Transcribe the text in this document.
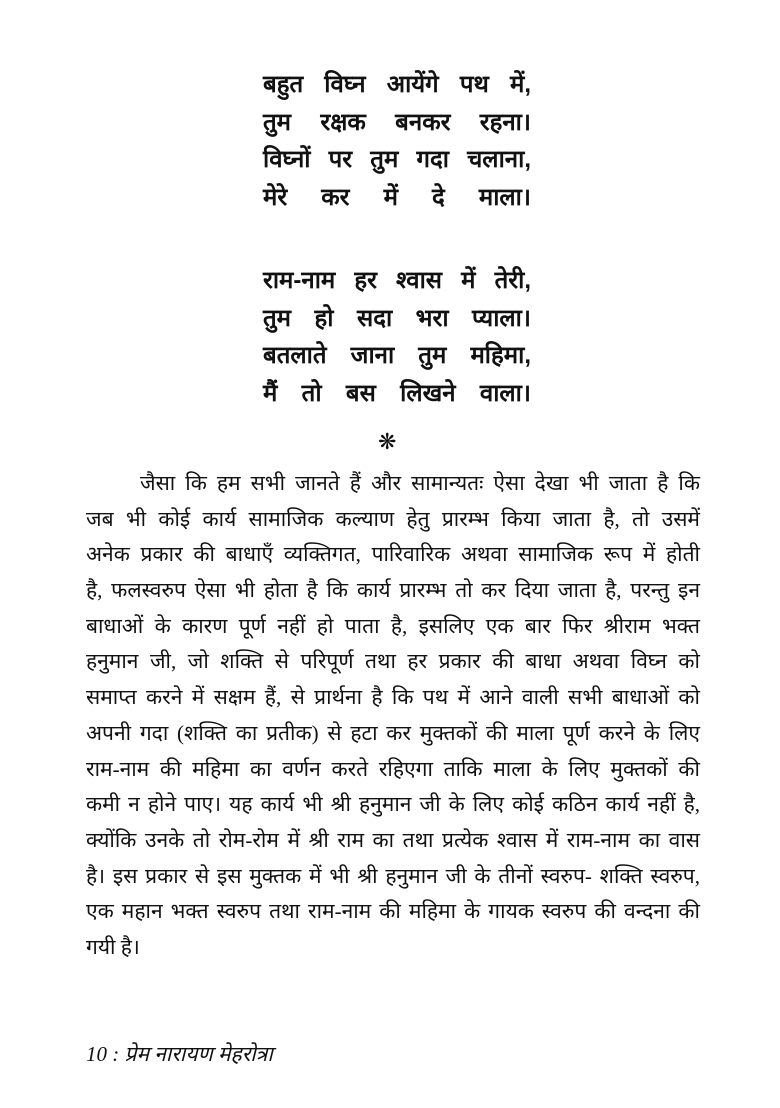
बहुत विघ्न आयेंगे पथ में,
तुम रक्षक बनकर रहना।
विघ्नों पर तुम गदा चलाना,
मेरे कर में दे माला।
राम-नाम हर श्वास में तेरी,
तुम हो सदा भरा प्याला।
बतलाते जाना तुम महिमा,
मैं तो बस लिखने वाला।
❋
जैसा कि हम सभी जानते हैं और सामान्यतः ऐसा देखा भी जाता है कि
जब भी कोई कार्य सामाजिक कल्याण हेतु प्रारम्भ किया जाता है, तो उसमें
अनेक प्रकार की बाधाएँ व्यक्तिगत, पारिवारिक अथवा सामाजिक रूप में होती
है, फलस्वरुप ऐसा भी होता है कि कार्य प्रारम्भ तो कर दिया जाता है, परन्तु इन
बाधाओं के कारण पूर्ण नहीं हो पाता है, इसलिए एक बार फिर श्रीराम भक्त
हनुमान जी, जो शक्ति से परिपूर्ण तथा हर प्रकार की बाधा अथवा विघ्न को
समाप्त करने में सक्षम हैं, से प्रार्थना है कि पथ में आने वाली सभी बाधाओं को
अपनी गदा (शक्ति का प्रतीक) से हटा कर मुक्तकों की माला पूर्ण करने के लिए
राम-नाम की महिमा का वर्णन करते रहिएगा ताकि माला के लिए मुक्तकों की
कमी न होने पाए। यह कार्य भी श्री हनुमान जी के लिए कोई कठिन कार्य नहीं है,
क्योंकि उनके तो रोम-रोम में श्री राम का तथा प्रत्येक श्वास में राम-नाम का वास
है। इस प्रकार से इस मुक्तक में भी श्री हनुमान जी के तीनों स्वरुप- शक्ति स्वरुप,
एक महान भक्त स्वरुप तथा राम-नाम की महिमा के गायक स्वरुप की वन्दना की
गयी है।
10 : प्रेम नारायण मेहरोत्रा
